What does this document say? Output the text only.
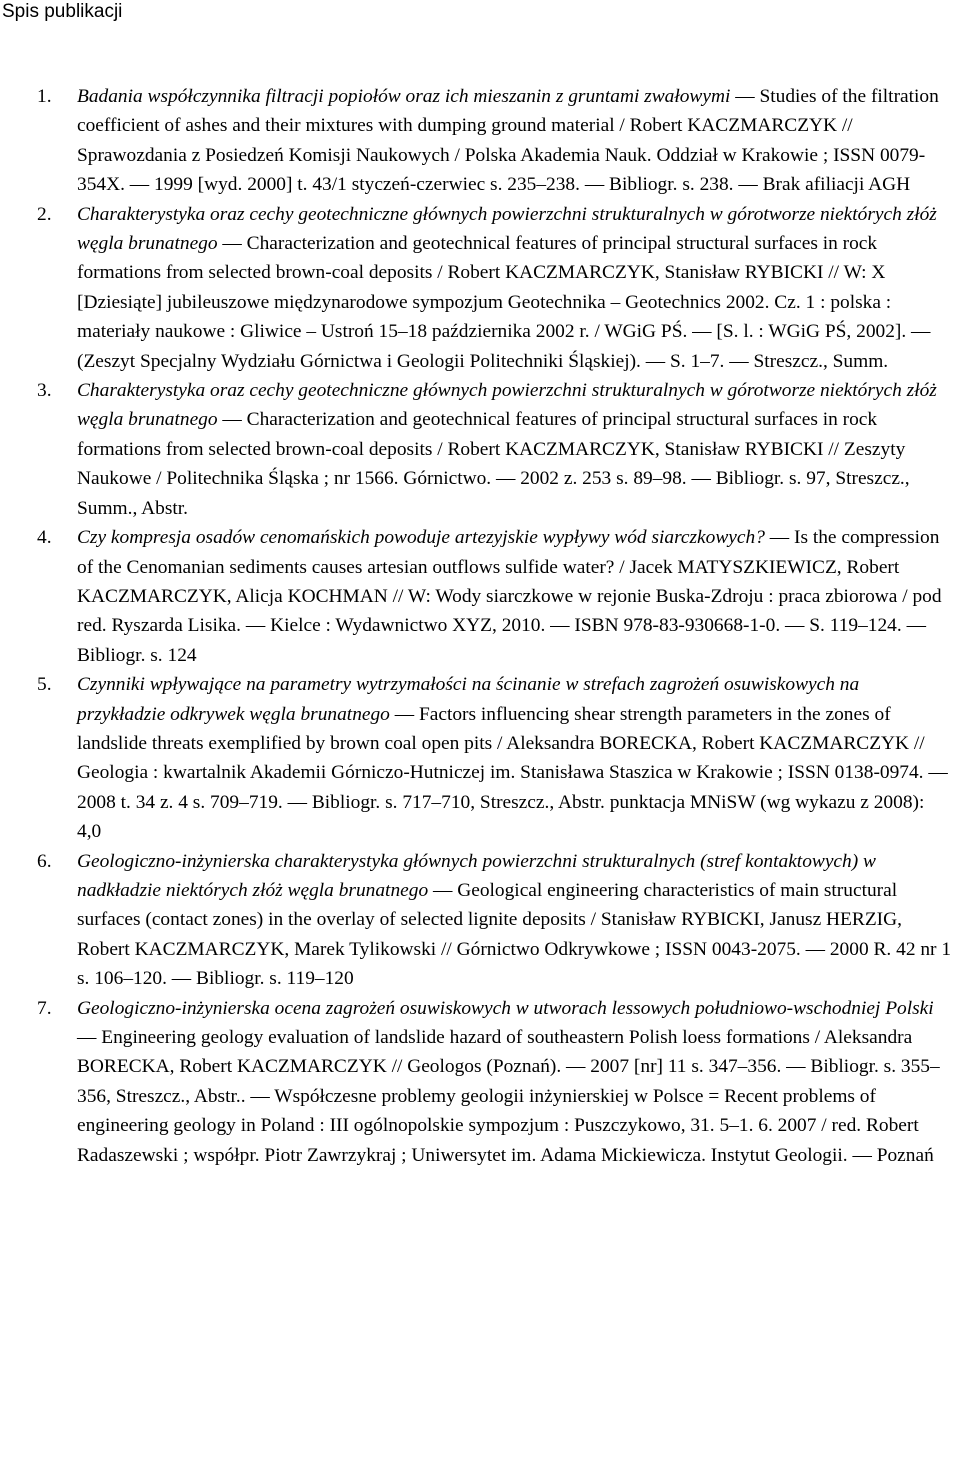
Spis publikacji
1. Badania współczynnika filtracji popiołów oraz ich mieszanin z gruntami zwałowymi — Studies of the filtration coefficient of ashes and their mixtures with dumping ground material / Robert KACZMARCZYK // Sprawozdania z Posiedzeń Komisji Naukowych / Polska Akademia Nauk. Oddział w Krakowie ; ISSN 0079-354X. — 1999 [wyd. 2000] t. 43/1 styczeń-czerwiec s. 235–238. — Bibliogr. s. 238. — Brak afiliacji AGH
2. Charakterystyka oraz cechy geotechniczne głównych powierzchni strukturalnych w górotworze niektórych złóż węgla brunatnego — Characterization and geotechnical features of principal structural surfaces in rock formations from selected brown-coal deposits / Robert KACZMARCZYK, Stanisław RYBICKI // W: X [Dziesiąte] jubileuszowe międzynarodowe sympozjum Geotechnika – Geotechnics 2002. Cz. 1 : polska : materiały naukowe : Gliwice – Ustroń 15–18 października 2002 r. / WGiG PŚ. — [S. l. : WGiG PŚ, 2002]. — (Zeszyt Specjalny Wydziału Górnictwa i Geologii Politechniki Śląskiej). — S. 1–7. — Streszcz., Summ.
3. Charakterystyka oraz cechy geotechniczne głównych powierzchni strukturalnych w górotworze niektórych złóż węgla brunatnego — Characterization and geotechnical features of principal structural surfaces in rock formations from selected brown-coal deposits / Robert KACZMARCZYK, Stanisław RYBICKI // Zeszyty Naukowe / Politechnika Śląska ; nr 1566. Górnictwo. — 2002 z. 253 s. 89–98. — Bibliogr. s. 97, Streszcz., Summ., Abstr.
4. Czy kompresja osadów cenomańskich powoduje artezyjskie wypływy wód siarczkowych? — Is the compression of the Cenomanian sediments causes artesian outflows sulfide water? / Jacek MATYSZKIEWICZ, Robert KACZMARCZYK, Alicja KOCHMAN // W: Wody siarczkowe w rejonie Buska-Zdroju : praca zbiorowa / pod red. Ryszarda Lisika. — Kielce : Wydawnictwo XYZ, 2010. — ISBN 978-83-930668-1-0. — S. 119–124. — Bibliogr. s. 124
5. Czynniki wpływające na parametry wytrzymałości na ścinanie w strefach zagrożeń osuwiskowych na przykładzie odkrywek węgla brunatnego — Factors influencing shear strength parameters in the zones of landslide threats exemplified by brown coal open pits / Aleksandra BORECKA, Robert KACZMARCZYK // Geologia : kwartalnik Akademii Górniczo-Hutniczej im. Stanisława Staszica w Krakowie ; ISSN 0138-0974. — 2008 t. 34 z. 4 s. 709–719. — Bibliogr. s. 717–710, Streszcz., Abstr. punktacja MNiSW (wg wykazu z 2008): 4,0
6. Geologiczno-inżynierska charakterystyka głównych powierzchni strukturalnych (stref kontaktowych) w nadkładzie niektórych złóż węgla brunatnego — Geological engineering characteristics of main structural surfaces (contact zones) in the overlay of selected lignite deposits / Stanisław RYBICKI, Janusz HERZIG, Robert KACZMARCZYK, Marek Tylikowski // Górnictwo Odkrywkowe ; ISSN 0043-2075. — 2000 R. 42 nr 1 s. 106–120. — Bibliogr. s. 119–120
7. Geologiczno-inżynierska ocena zagrożeń osuwiskowych w utworach lessowych południowo-wschodniej Polski — Engineering geology evaluation of landslide hazard of southeastern Polish loess formations / Aleksandra BORECKA, Robert KACZMARCZYK // Geologos (Poznań). — 2007 [nr] 11 s. 347–356. — Bibliogr. s. 355–356, Streszcz., Abstr.. — Współczesne problemy geologii inżynierskiej w Polsce = Recent problems of engineering geology in Poland : III ogólnopolskie sympozjum : Puszczykowo, 31. 5–1. 6. 2007 / red. Robert Radaszewski ; współpr. Piotr Zawrzykraj ; Uniwersytet im. Adama Mickiewicza. Instytut Geologii. — Poznań
